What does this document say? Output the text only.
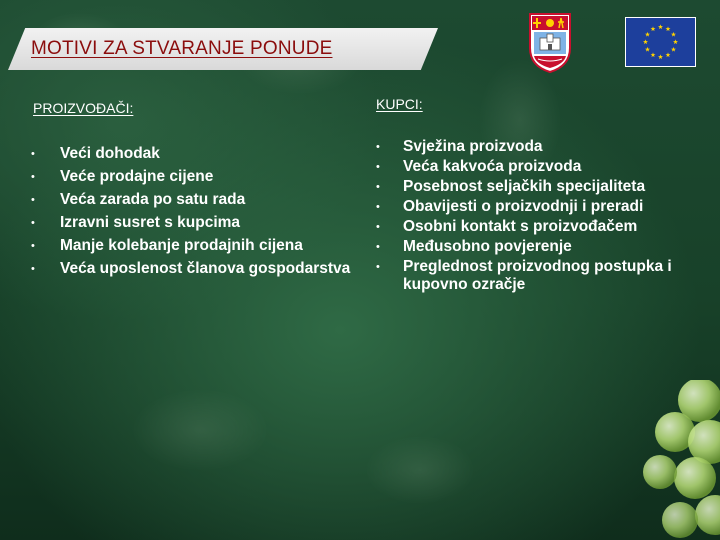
MOTIVI ZA STVARANJE PONUDE
PROIZVOĐAČI:
• Veći dohodak
• Veće prodajne cijene
• Veća zarada po satu rada
• Izravni susret s kupcima
• Manje kolebanje prodajnih cijena
• Veća uposlenost članova gospodarstva
KUPCI:
• Svježina proizvoda
• Veća kakvoća proizvoda
• Posebnost seljačkih specijaliteta
• Obavijesti o proizvodnji i preradi
• Osobni kontakt s proizvođačem
• Međusobno povjerenje
• Preglednost proizvodnog postupka i kupovno ozračje
